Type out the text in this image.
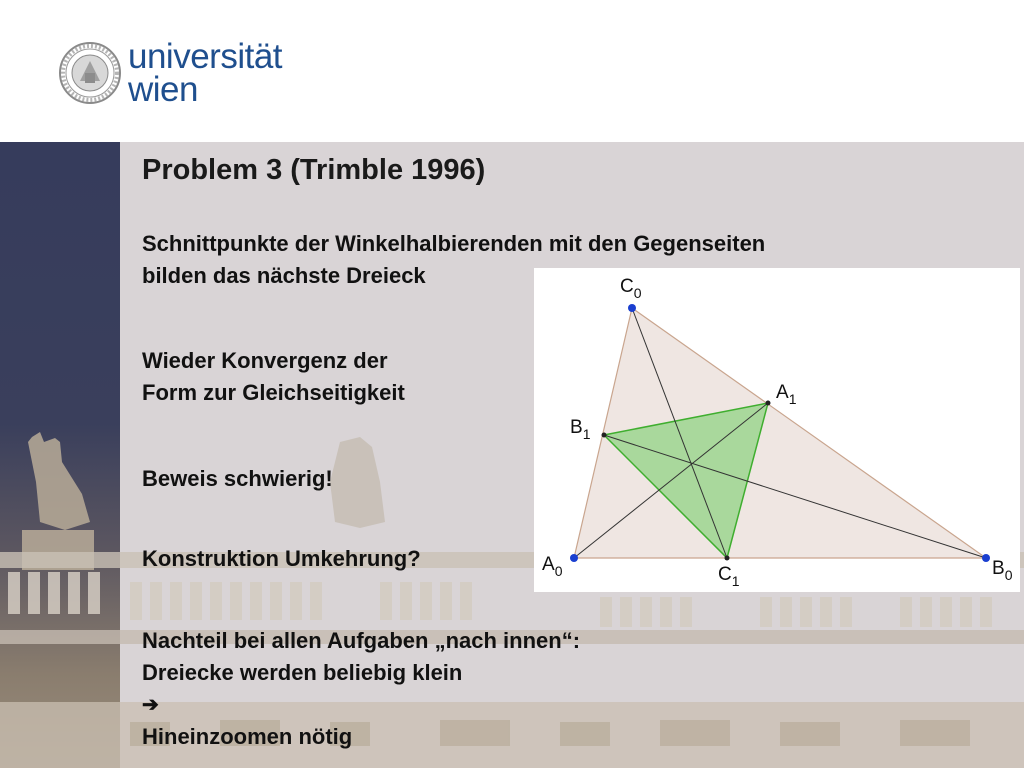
universität
wien
Problem 3 (Trimble 1996)
Schnittpunkte der Winkelhalbierenden mit den Gegenseiten
bilden das nächste Dreieck
Wieder Konvergenz der
Form zur Gleichseitigkeit
Beweis schwierig!
Konstruktion Umkehrung?
Nachteil bei allen Aufgaben „nach innen“:
Dreiecke werden beliebig klein
➔
Hineinzoomen nötig
$C_0$
$A_1$
$B_1$
$A_0$	$C_1$
$B_0$
